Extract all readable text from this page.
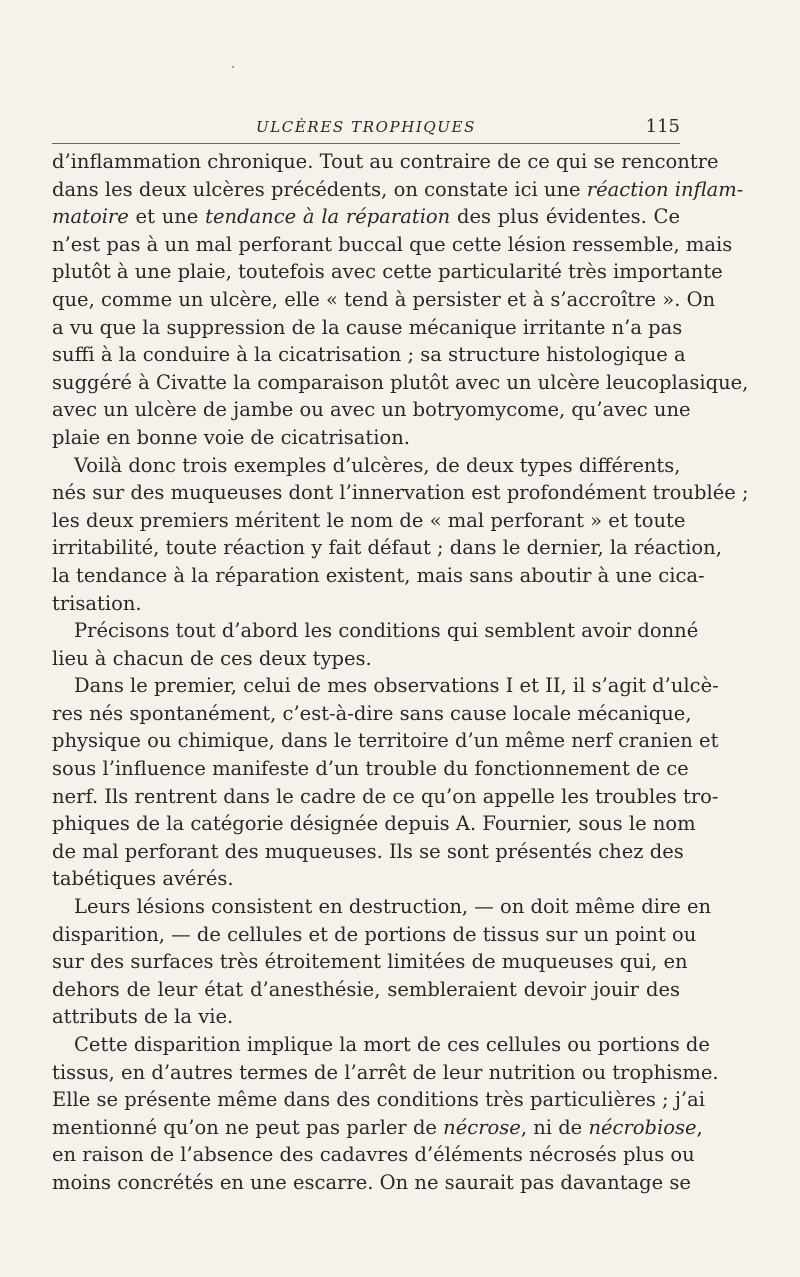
ULCÈRES TROPHIQUES	115
d’inflammation chronique. Tout au contraire de ce qui se rencontre
dans les deux ulcères précédents, on constate ici une réaction inflam-
matoire et une tendance à la réparation des plus évidentes. Ce
n’est pas à un mal perforant buccal que cette lésion ressemble, mais
plutôt à une plaie, toutefois avec cette particularité très importante
que, comme un ulcère, elle « tend à persister et à s’accroître ». On
a vu que la suppression de la cause mécanique irritante n’a pas
suffi à la conduire à la cicatrisation ; sa structure histologique a
suggéré à Civatte la comparaison plutôt avec un ulcère leucoplasique,
avec un ulcère de jambe ou avec un botryomycome, qu’avec une
plaie en bonne voie de cicatrisation.
Voilà donc trois exemples d’ulcères, de deux types différents,
nés sur des muqueuses dont l’innervation est profondément troublée ;
les deux premiers méritent le nom de « mal perforant » et toute
irritabilité, toute réaction y fait défaut ; dans le dernier, la réaction,
la tendance à la réparation existent, mais sans aboutir à une cica-
trisation.
Précisons tout d’abord les conditions qui semblent avoir donné
lieu à chacun de ces deux types.
Dans le premier, celui de mes observations I et II, il s’agit d’ulcè-
res nés spontanément, c’est-à-dire sans cause locale mécanique,
physique ou chimique, dans le territoire d’un même nerf cranien et
sous l’influence manifeste d’un trouble du fonctionnement de ce
nerf. Ils rentrent dans le cadre de ce qu’on appelle les troubles tro-
phiques de la catégorie désignée depuis A. Fournier, sous le nom
de mal perforant des muqueuses. Ils se sont présentés chez des
tabétiques avérés.
Leurs lésions consistent en destruction, — on doit même dire en
disparition, — de cellules et de portions de tissus sur un point ou
sur des surfaces très étroitement limitées de muqueuses qui, en
dehors de leur état d’anesthésie, sembleraient devoir jouir des
attributs de la vie.
Cette disparition implique la mort de ces cellules ou portions de
tissus, en d’autres termes de l’arrêt de leur nutrition ou trophisme.
Elle se présente même dans des conditions très particulières ; j’ai
mentionné qu’on ne peut pas parler de nécrose, ni de nécrobiose,
en raison de l’absence des cadavres d’éléments nécrosés plus ou
moins concrétés en une escarre. On ne saurait pas davantage se
